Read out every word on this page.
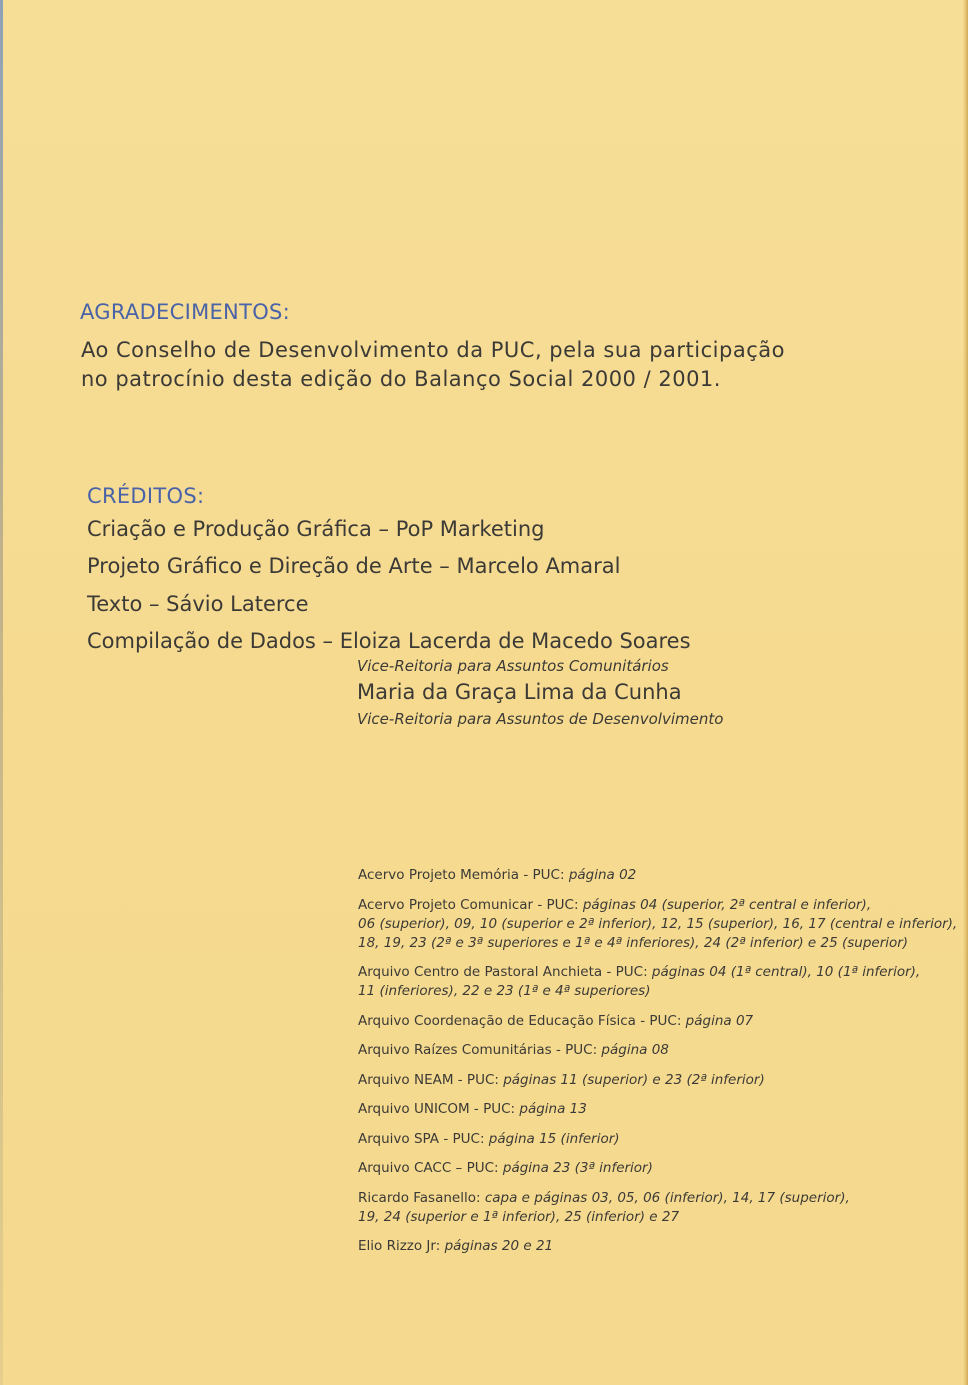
AGRADECIMENTOS:

Ao Conselho de Desenvolvimento da PUC, pela sua participação
no patrocínio desta edição do Balanço Social 2000 / 2001.

CRÉDITOS:

Criação e Produção Gráfica – PoP Marketing

Projeto Gráfico e Direção de Arte – Marcelo Amaral

Texto – Sávio Laterce

Compilação de Dados – Eloiza Lacerda de Macedo Soares

Vice-Reitoria para Assuntos Comunitários

Maria da Graça Lima da Cunha

Vice-Reitoria para Assuntos de Desenvolvimento

Acervo Projeto Memória - PUC: página 02
Acervo Projeto Comunicar - PUC: páginas 04 (superior, 2ª central e inferior),
06 (superior), 09, 10 (superior e 2ª inferior), 12, 15 (superior), 16, 17 (central e inferior),
18, 19, 23 (2ª e 3ª superiores e 1ª e 4ª inferiores), 24 (2ª inferior) e 25 (superior)
Arquivo Centro de Pastoral Anchieta - PUC: páginas 04 (1ª central), 10 (1ª inferior),
11 (inferiores), 22 e 23 (1ª e 4ª superiores)
Arquivo Coordenação de Educação Física - PUC: página 07
Arquivo Raízes Comunitárias - PUC: página 08
Arquivo NEAM - PUC: páginas 11 (superior) e 23 (2ª inferior)
Arquivo UNICOM - PUC: página 13
Arquivo SPA - PUC: página 15 (inferior)
Arquivo CACC – PUC: página 23 (3ª inferior)
Ricardo Fasanello: capa e páginas 03, 05, 06 (inferior), 14, 17 (superior),
19, 24 (superior e 1ª inferior), 25 (inferior) e 27
Elio Rizzo Jr: páginas 20 e 21
